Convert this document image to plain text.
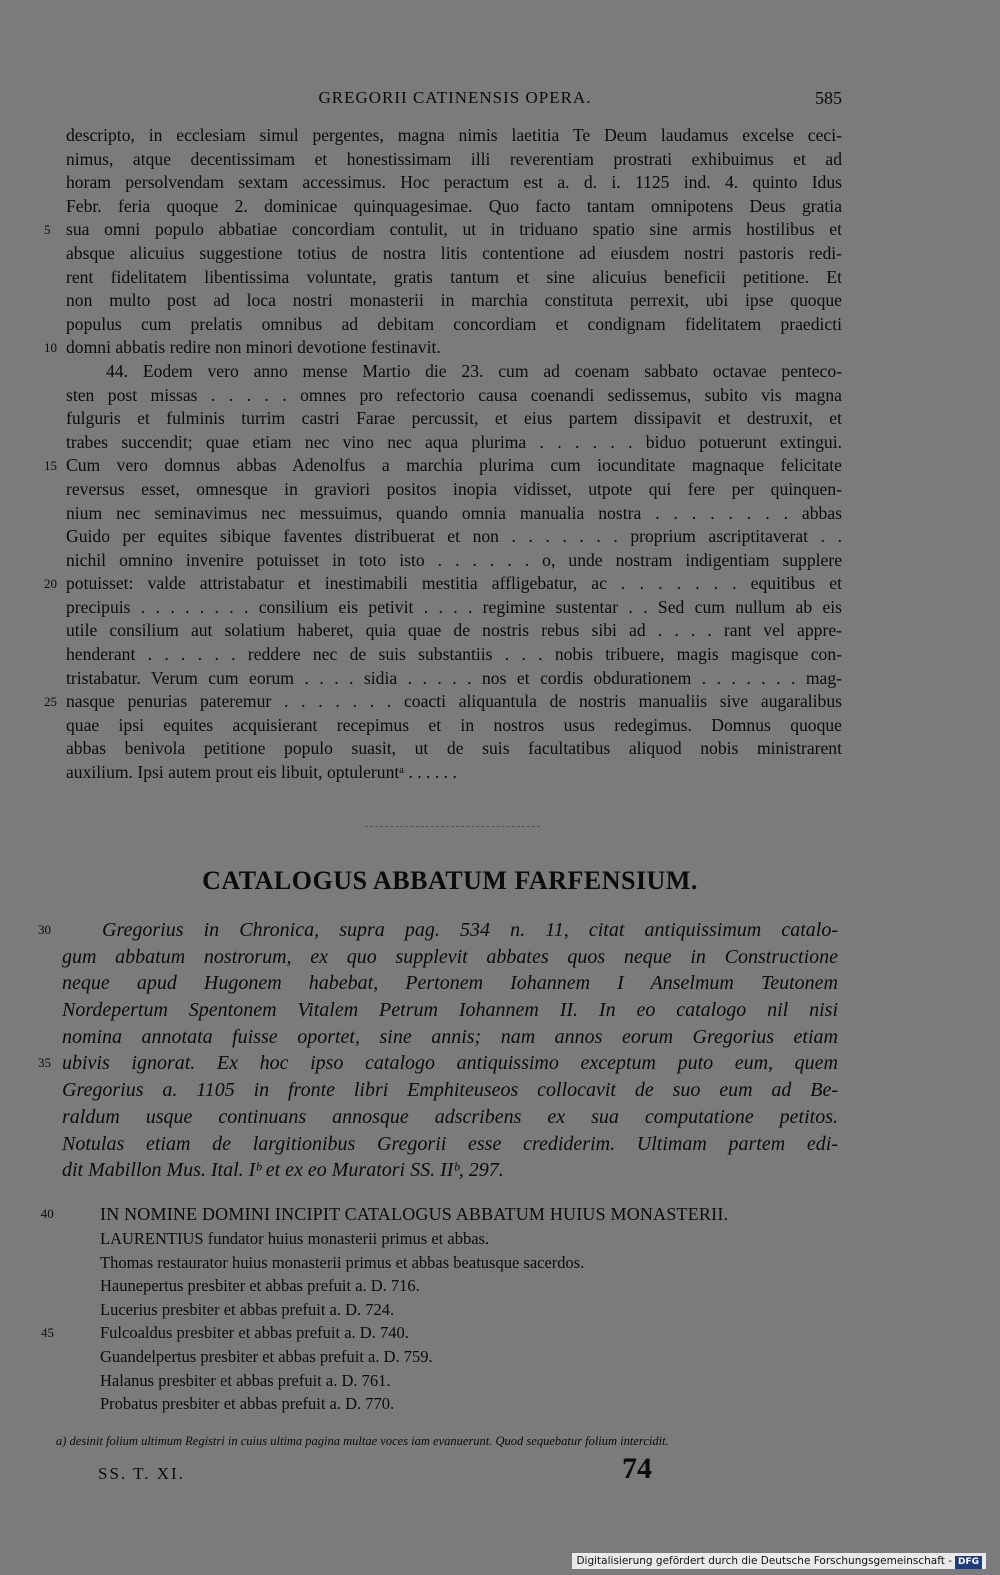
GREGORII CATINENSIS OPERA.	585
descripto, in ecclesiam simul pergentes, magna nimis laetitia Te Deum laudamus excelse ceci-
nimus, atque decentissimam et honestissimam illi reverentiam prostrati exhibuimus et ad
horam persolvendam sextam accessimus. Hoc peractum est a. d. i. 1125 ind. 4. quinto Idus
Febr. feria quoque 2. dominicae quinquagesimae. Quo facto tantam omnipotens Deus gratia
5 sua omni populo abbatiae concordiam contulit, ut in triduano spatio sine armis hostilibus et
absque alicuius suggestione totius de nostra litis contentione ad eiusdem nostri pastoris redi-
rent fidelitatem libentissima voluntate, gratis tantum et sine alicuius beneficii petitione. Et
non multo post ad loca nostri monasterii in marchia constituta perrexit, ubi ipse quoque
populus cum prelatis omnibus ad debitam concordiam et condignam fidelitatem praedicti
10 domni abbatis redire non minori devotione festinavit.
44. Eodem vero anno mense Martio die 23. cum ad coenam sabbato octavae penteco-
sten post missas . . . . . omnes pro refectorio causa coenandi sedissemus, subito vis magna
fulguris et fulminis turrim castri Farae percussit, et eius partem dissipavit et destruxit, et
trabes succendit; quae etiam nec vino nec aqua plurima . . . . . . biduo potuerunt extingui.
15 Cum vero domnus abbas Adenolfus a marchia plurima cum iocunditate magnaque felicitate
reversus esset, omnesque in graviori positos inopia vidisset, utpote qui fere per quinquen-
nium nec seminavimus nec messuimus, quando omnia manualia nostra . . . . . . . . abbas
Guido per equites sibique faventes distribuerat et non . . . . . . . proprium ascriptitaverat . .
nichil omnino invenire potuisset in toto isto . . . . . . o, unde nostram indigentiam supplere
20 potuisset: valde attristabatur et inestimabili mestitia affligebatur, ac . . . . . . . equitibus et
precipuis . . . . . . . . consilium eis petivit . . . . regimine sustentar . . Sed cum nullum ab eis
utile consilium aut solatium haberet, quia quae de nostris rebus sibi ad . . . . rant vel appre-
henderant . . . . . . reddere nec de suis substantiis . . . nobis tribuere, magis magisque con-
tristabatur. Verum cum eorum . . . . sidia . . . . . nos et cordis obdurationem . . . . . . . mag-
25 nasque penurias pateremur . . . . . . . coacti aliquantula de nostris manualiis sive augaralibus
quae ipsi equites acquisierant recepimus et in nostros usus redegimus. Domnus quoque
abbas benivola petitione populo suasit, ut de suis facultatibus aliquod nobis ministrarent
auxilium. Ipsi autem prout eis libuit, optuleruntᵃ . . . . . .
CATALOGUS ABBATUM FARFENSIUM.
30	Gregorius in Chronica, supra pag. 534 n. 11, citat antiquissimum catalo-
gum abbatum nostrorum, ex quo supplevit abbates quos neque in Constructione
neque apud Hugonem habebat, Pertonem Iohannem I Anselmum Teutonem
Nordepertum Spentonem Vitalem Petrum Iohannem II. In eo catalogo nil nisi
nomina annotata fuisse oportet, sine annis; nam annos eorum Gregorius etiam
35 ubivis ignorat. Ex hoc ipso catalogo antiquissimo exceptum puto eum, quem
Gregorius a. 1105 in fronte libri Emphiteuseos collocavit de suo eum ad Be-
raldum usque continuans annosque adscribens ex sua computatione petitos.
Notulas etiam de largitionibus Gregorii esse crediderim. Ultimam partem edi-
dit Mabillon Mus. Ital. Iᵇ et ex eo Muratori SS. IIᵇ, 297.
40	IN NOMINE DOMINI INCIPIT CATALOGUS ABBATUM HUIUS MONASTERII.
LAURENTIUS fundator huius monasterii primus et abbas.
Thomas restaurator huius monasterii primus et abbas beatusque sacerdos.
Haunepertus presbiter et abbas prefuit a. D. 716.
Lucerius presbiter et abbas prefuit a. D. 724.
45	Fulcoaldus presbiter et abbas prefuit a. D. 740.
Guandelpertus presbiter et abbas prefuit a. D. 759.
Halanus presbiter et abbas prefuit a. D. 761.
Probatus presbiter et abbas prefuit a. D. 770.
a) desinit folium ultimum Registri in cuius ultima pagina multae voces iam evanuerunt. Quod sequebatur folium intercidit.
SS. T. XI.	74
Digitalisierung gefördert durch die Deutsche Forschungsgemeinschaft - DFG
